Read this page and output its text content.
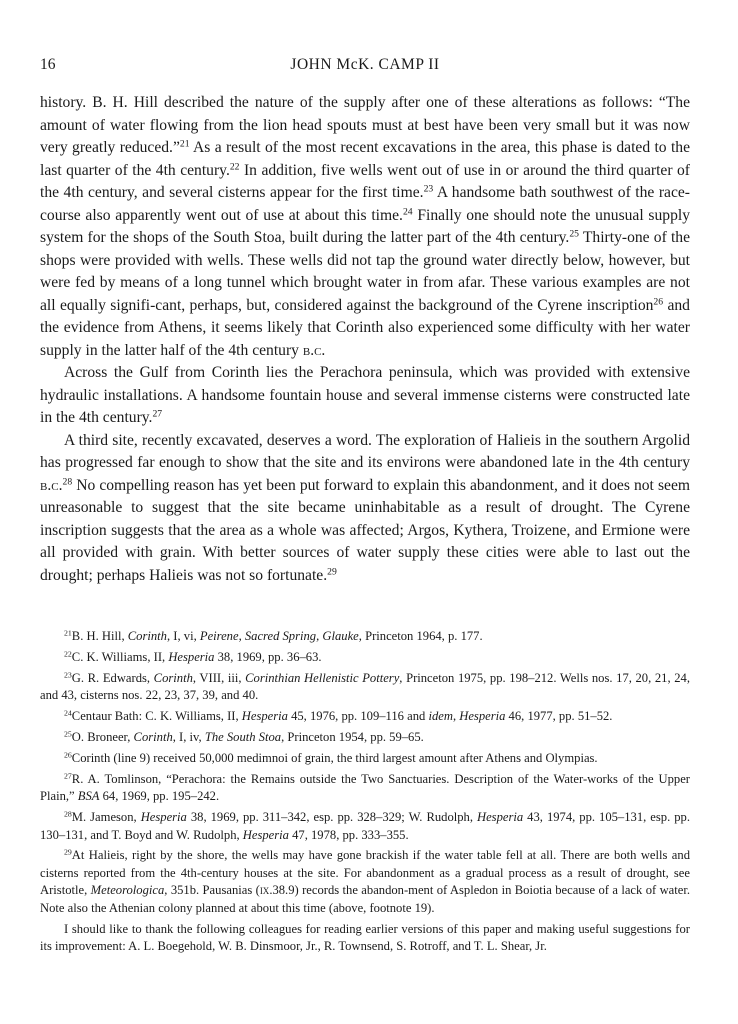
16	JOHN McK. CAMP II

history. B. H. Hill described the nature of the supply after one of these alterations as follows: “The amount of water flowing from the lion head spouts must at best have been very small but it was now very greatly reduced.”$^{21}$ As a result of the most recent excavations in the area, this phase is dated to the last quarter of the 4th century.$^{22}$ In addition, five wells went out of use in or around the third quarter of the 4th century, and several cisterns appear for the first time.$^{23}$ A handsome bath southwest of the race-course also apparently went out of use at about this time.$^{24}$ Finally one should note the unusual supply system for the shops of the South Stoa, built during the latter part of the 4th century.$^{25}$ Thirty-one of the shops were provided with wells. These wells did not tap the ground water directly below, however, but were fed by means of a long tunnel which brought water in from afar. These various examples are not all equally signifi-cant, perhaps, but, considered against the background of the Cyrene inscription$^{26}$ and the evidence from Athens, it seems likely that Corinth also experienced some difficulty with her water supply in the latter half of the 4th century b.c.

Across the Gulf from Corinth lies the Perachora peninsula, which was provided with extensive hydraulic installations. A handsome fountain house and several immense cisterns were constructed late in the 4th century.$^{27}$

A third site, recently excavated, deserves a word. The exploration of Halieis in the southern Argolid has progressed far enough to show that the site and its environs were abandoned late in the 4th century b.c.$^{28}$ No compelling reason has yet been put forward to explain this abandonment, and it does not seem unreasonable to suggest that the site became uninhabitable as a result of drought. The Cyrene inscription suggests that the area as a whole was affected; Argos, Kythera, Troizene, and Ermione were all provided with grain. With better sources of water supply these cities were able to last out the drought; perhaps Halieis was not so fortunate.$^{29}$

$^{21}$B. H. Hill, Corinth, I, vi, Peirene, Sacred Spring, Glauke, Princeton 1964, p. 177.

$^{22}$C. K. Williams, II, Hesperia 38, 1969, pp. 36–63.

$^{23}$G. R. Edwards, Corinth, VIII, iii, Corinthian Hellenistic Pottery, Princeton 1975, pp. 198–212. Wells nos. 17, 20, 21, 24, and 43, cisterns nos. 22, 23, 37, 39, and 40.

$^{24}$Centaur Bath: C. K. Williams, II, Hesperia 45, 1976, pp. 109–116 and idem, Hesperia 46, 1977, pp. 51–52.

$^{25}$O. Broneer, Corinth, I, iv, The South Stoa, Princeton 1954, pp. 59–65.

$^{26}$Corinth (line 9) received 50,000 medimnoi of grain, the third largest amount after Athens and Olympias.

$^{27}$R. A. Tomlinson, “Perachora: the Remains outside the Two Sanctuaries. Description of the Water-works of the Upper Plain,” BSA 64, 1969, pp. 195–242.

$^{28}$M. Jameson, Hesperia 38, 1969, pp. 311–342, esp. pp. 328–329; W. Rudolph, Hesperia 43, 1974, pp. 105–131, esp. pp. 130–131, and T. Boyd and W. Rudolph, Hesperia 47, 1978, pp. 333–355.

$^{29}$At Halieis, right by the shore, the wells may have gone brackish if the water table fell at all. There are both wells and cisterns reported from the 4th-century houses at the site. For abandonment as a gradual process as a result of drought, see Aristotle, Meteorologica, 351b. Pausanias (ix.38.9) records the abandon-ment of Aspledon in Boiotia because of a lack of water. Note also the Athenian colony planned at about this time (above, footnote 19).

I should like to thank the following colleagues for reading earlier versions of this paper and making useful suggestions for its improvement: A. L. Boegehold, W. B. Dinsmoor, Jr., R. Townsend, S. Rotroff, and T. L. Shear, Jr.
